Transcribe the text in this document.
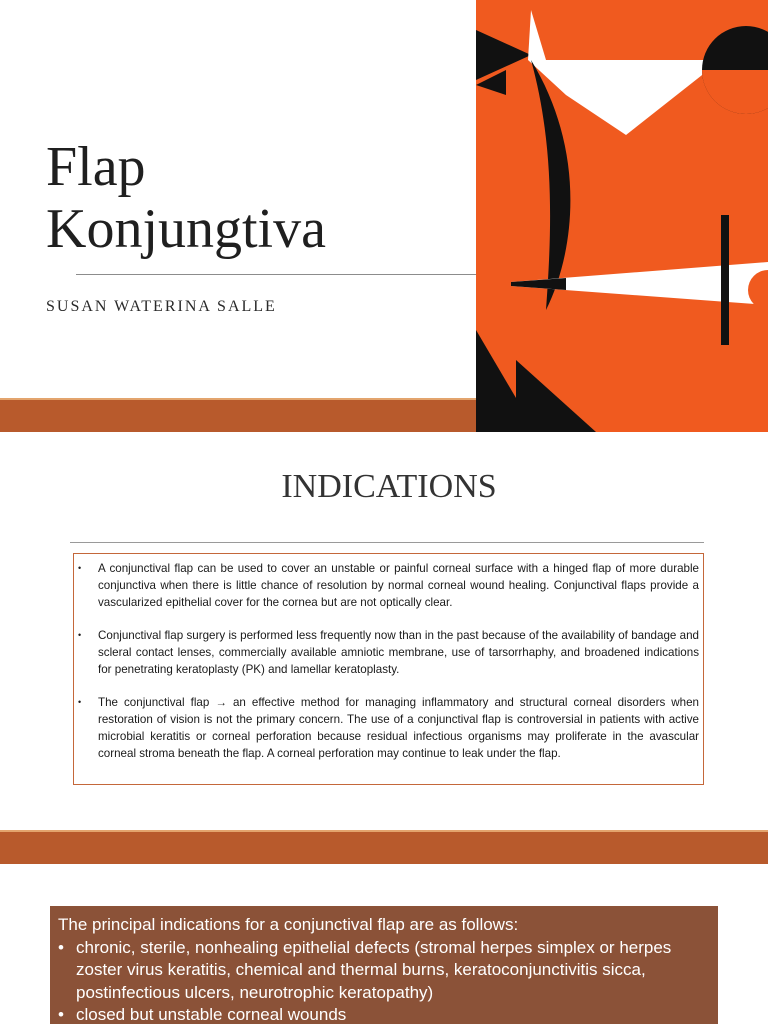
Flap
Konjungtiva
SUSAN WATERINA SALLE
INDICATIONS
•	A conjunctival flap can be used to cover an unstable or painful corneal surface with a hinged flap of more durable conjunctiva when there is little chance of resolution by normal corneal wound healing. Conjunctival flaps provide a vascularized epithelial cover for the cornea but are not optically clear.
•	Conjunctival flap surgery is performed less frequently now than in the past because of the availability of bandage and scleral contact lenses, commercially available amniotic membrane, use of tarsorrhaphy, and broadened indications for penetrating keratoplasty (PK) and lamellar keratoplasty.
•	The conjunctival flap → an effective method for managing inflammatory and structural corneal disorders when restoration of vision is not the primary concern. The use of a conjunctival flap is controversial in patients with active microbial keratitis or corneal perforation because residual infectious organisms may proliferate in the avascular corneal stroma beneath the flap. A corneal perforation may continue to leak under the flap.
The principal indications for a conjunctival flap are as follows:
• chronic, sterile, nonhealing epithelial defects (stromal herpes simplex or herpes zoster virus keratitis, chemical and thermal burns, keratoconjunctivitis sicca, postinfectious ulcers, neurotrophic keratopathy)
• closed but unstable corneal wounds
